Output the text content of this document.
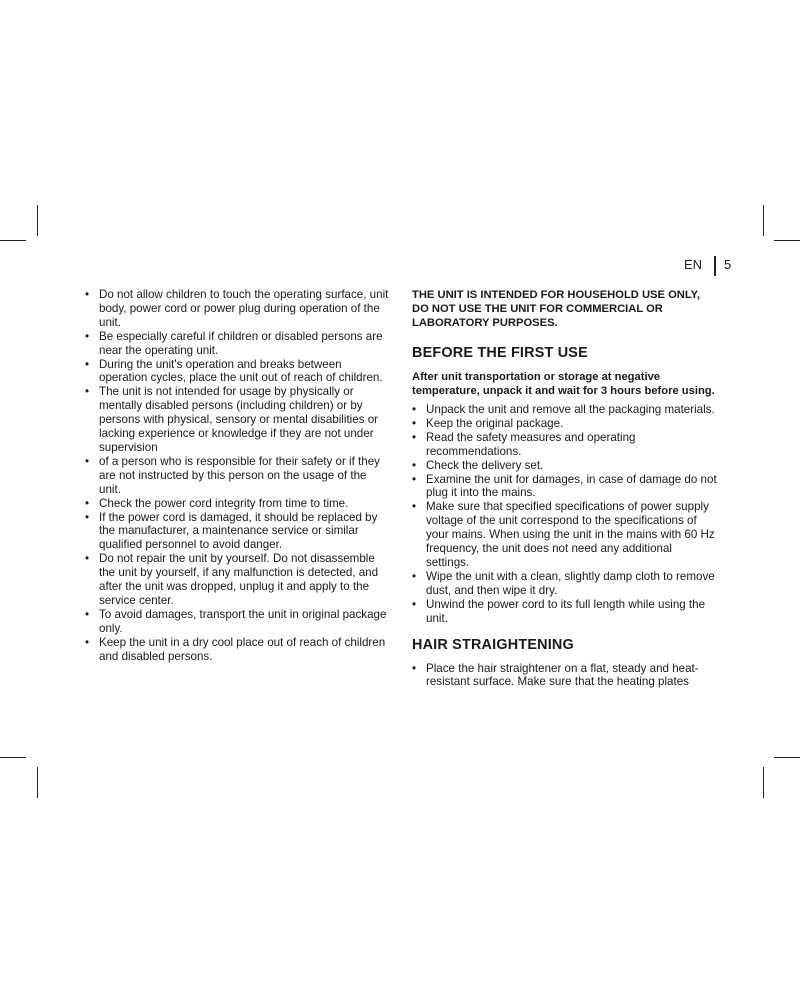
EN 5
• Do not allow children to touch the operating surface, unit body, power cord or power plug during operation of the unit.
• Be especially careful if children or disabled persons are near the operating unit.
• During the unit's operation and breaks between operation cycles, place the unit out of reach of children.
• The unit is not intended for usage by physically or mentally disabled persons (including children) or by persons with physical, sensory or mental disabilities or lacking experience or knowledge if they are not under supervision
• of a person who is responsible for their safety or if they are not instructed by this person on the usage of the unit.
• Check the power cord integrity from time to time.
• If the power cord is damaged, it should be replaced by the manufacturer, a maintenance service or similar qualified personnel to avoid danger.
• Do not repair the unit by yourself. Do not disassemble the unit by yourself, if any malfunction is detected, and after the unit was dropped, unplug it and apply to the service center.
• To avoid damages, transport the unit in original package only.
• Keep the unit in a dry cool place out of reach of children and disabled persons.

THE UNIT IS INTENDED FOR HOUSEHOLD USE ONLY, DO NOT USE THE UNIT FOR COMMERCIAL OR LABORATORY PURPOSES.

BEFORE THE FIRST USE

After unit transportation or storage at negative temperature, unpack it and wait for 3 hours before using.

• Unpack the unit and remove all the packaging materials.
• Keep the original package.
• Read the safety measures and operating recommendations.
• Check the delivery set.
• Examine the unit for damages, in case of damage do not plug it into the mains.
• Make sure that specified specifications of power supply voltage of the unit correspond to the specifications of your mains. When using the unit in the mains with 60 Hz frequency, the unit does not need any additional settings.
• Wipe the unit with a clean, slightly damp cloth to remove dust, and then wipe it dry.
• Unwind the power cord to its full length while using the unit.
HAIR STRAIGHTENING
• Place the hair straightener on a flat, steady and heat-resistant surface. Make sure that the heating plates
